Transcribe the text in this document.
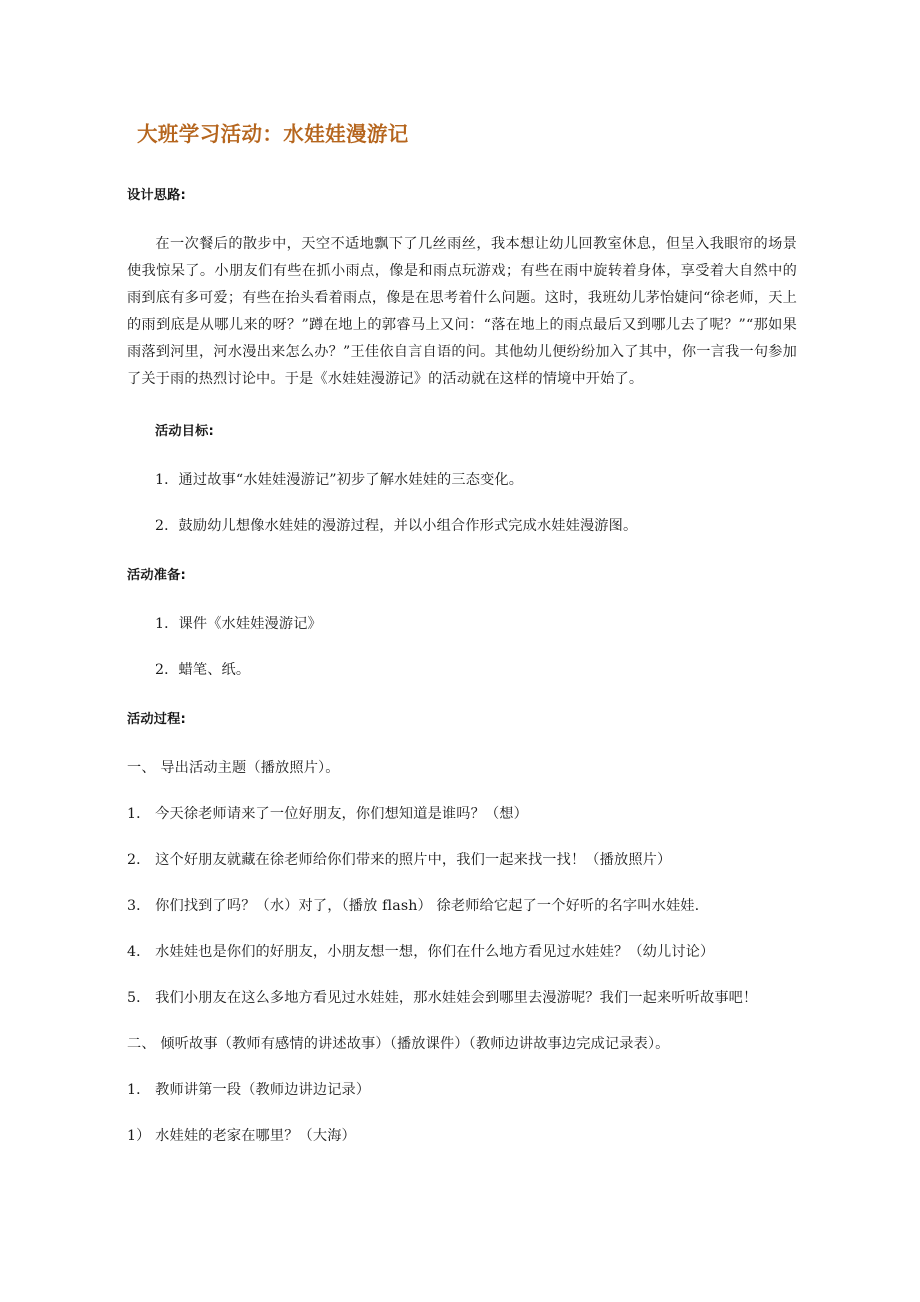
大班学习活动：水娃娃漫游记

设计思路:

在一次餐后的散步中，天空不适地飘下了几丝雨丝，我本想让幼儿回教室休息，但呈入我眼帘的场景使我惊呆了。小朋友们有些在抓小雨点，像是和雨点玩游戏；有些在雨中旋转着身体，享受着大自然中的雨到底有多可爱；有些在抬头看着雨点，像是在思考着什么问题。这时，我班幼儿茅怡婕问“徐老师，天上的雨到底是从哪儿来的呀？”蹲在地上的郭睿马上又问：“落在地上的雨点最后又到哪儿去了呢？”“那如果雨落到河里，河水漫出来怎么办？”王佳依自言自语的问。其他幼儿便纷纷加入了其中，你一言我一句参加了关于雨的热烈讨论中。于是《水娃娃漫游记》的活动就在这样的情境中开始了。

活动目标:

1．通过故事“水娃娃漫游记”初步了解水娃娃的三态变化。

2．鼓励幼儿想像水娃娃的漫游过程，并以小组合作形式完成水娃娃漫游图。

活动准备:

1．课件《水娃娃漫游记》

2．蜡笔、纸。

活动过程:

一、 导出活动主题（播放照片）。

1． 今天徐老师请来了一位好朋友，你们想知道是谁吗？（想）

2． 这个好朋友就藏在徐老师给你们带来的照片中，我们一起来找一找！（播放照片）

3． 你们找到了吗？（水）对了，（播放 flash） 徐老师给它起了一个好听的名字叫水娃娃.

4． 水娃娃也是你们的好朋友，小朋友想一想，你们在什么地方看见过水娃娃？（幼儿讨论）

5． 我们小朋友在这么多地方看见过水娃娃，那水娃娃会到哪里去漫游呢？我们一起来听听故事吧！

二、 倾听故事（教师有感情的讲述故事）（播放课件）（教师边讲故事边完成记录表）。

1． 教师讲第一段（教师边讲边记录）

1） 水娃娃的老家在哪里？（大海）
